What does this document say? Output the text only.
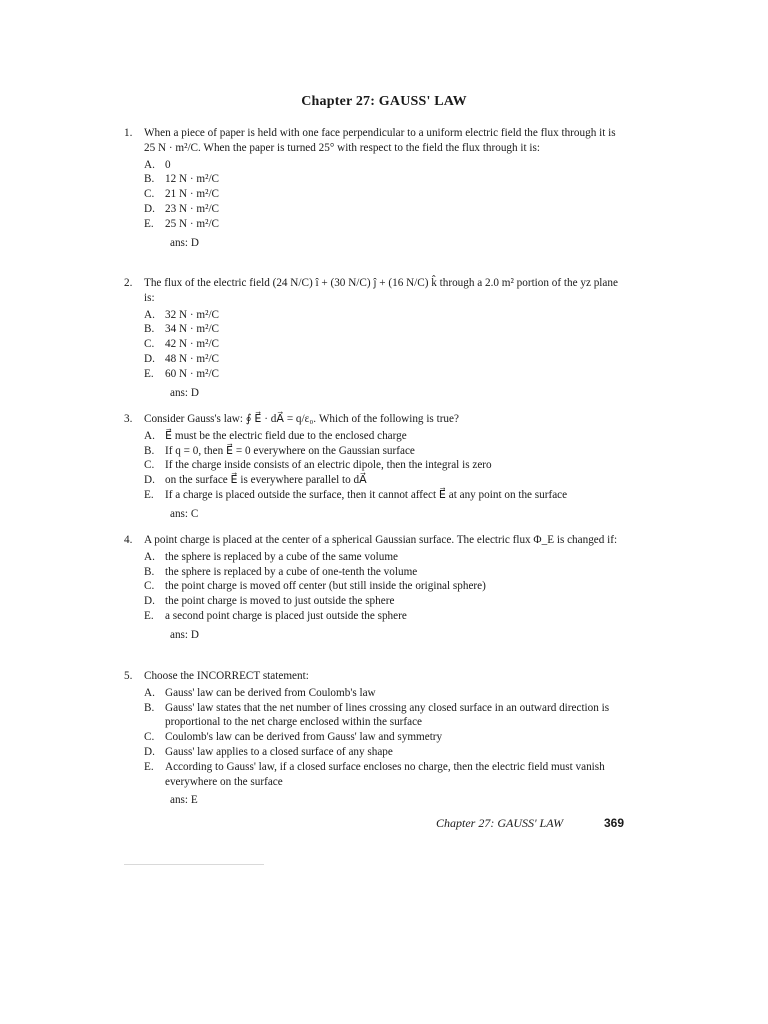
Chapter 27: GAUSS' LAW
1.	When a piece of paper is held with one face perpendicular to a uniform electric field the flux through it is 25 N · m²/C. When the paper is turned 25° with respect to the field the flux through it is:
A. 0
B. 12 N · m²/C
C. 21 N · m²/C
D. 23 N · m²/C
E.	25 N · m²/C
ans: D
2.	The flux of the electric field (24 N/C) î + (30 N/C) ĵ + (16 N/C) k̂ through a 2.0 m² portion of the yz plane is:
A. 32 N · m²/C
B. 34 N · m²/C
C. 42 N · m²/C
D. 48 N · m²/C
E.	60 N · m²/C
ans: D
3.	Consider Gauss's law: ∮ E⃗ · dA⃗ = q/ε₀. Which of the following is true?
A. E⃗ must be the electric field due to the enclosed charge
B. If q = 0, then E⃗ = 0 everywhere on the Gaussian surface
C. If the charge inside consists of an electric dipole, then the integral is zero
D. on the surface E⃗ is everywhere parallel to dA⃗
E.	If a charge is placed outside the surface, then it cannot affect E⃗ at any point on the surface
ans: C
4.	A point charge is placed at the center of a spherical Gaussian surface. The electric flux Φ_E is changed if:
A. the sphere is replaced by a cube of the same volume
B. the sphere is replaced by a cube of one-tenth the volume
C. the point charge is moved off center (but still inside the original sphere)
D. the point charge is moved to just outside the sphere
E.	a second point charge is placed just outside the sphere
ans: D
5.	Choose the INCORRECT statement:
A. Gauss' law can be derived from Coulomb's law
B. Gauss' law states that the net number of lines crossing any closed surface in an outward direction is proportional to the net charge enclosed within the surface
C. Coulomb's law can be derived from Gauss' law and symmetry
D. Gauss' law applies to a closed surface of any shape
E.	According to Gauss' law, if a closed surface encloses no charge, then the electric field must vanish everywhere on the surface
ans: E
Chapter 27: GAUSS' LAW	369
